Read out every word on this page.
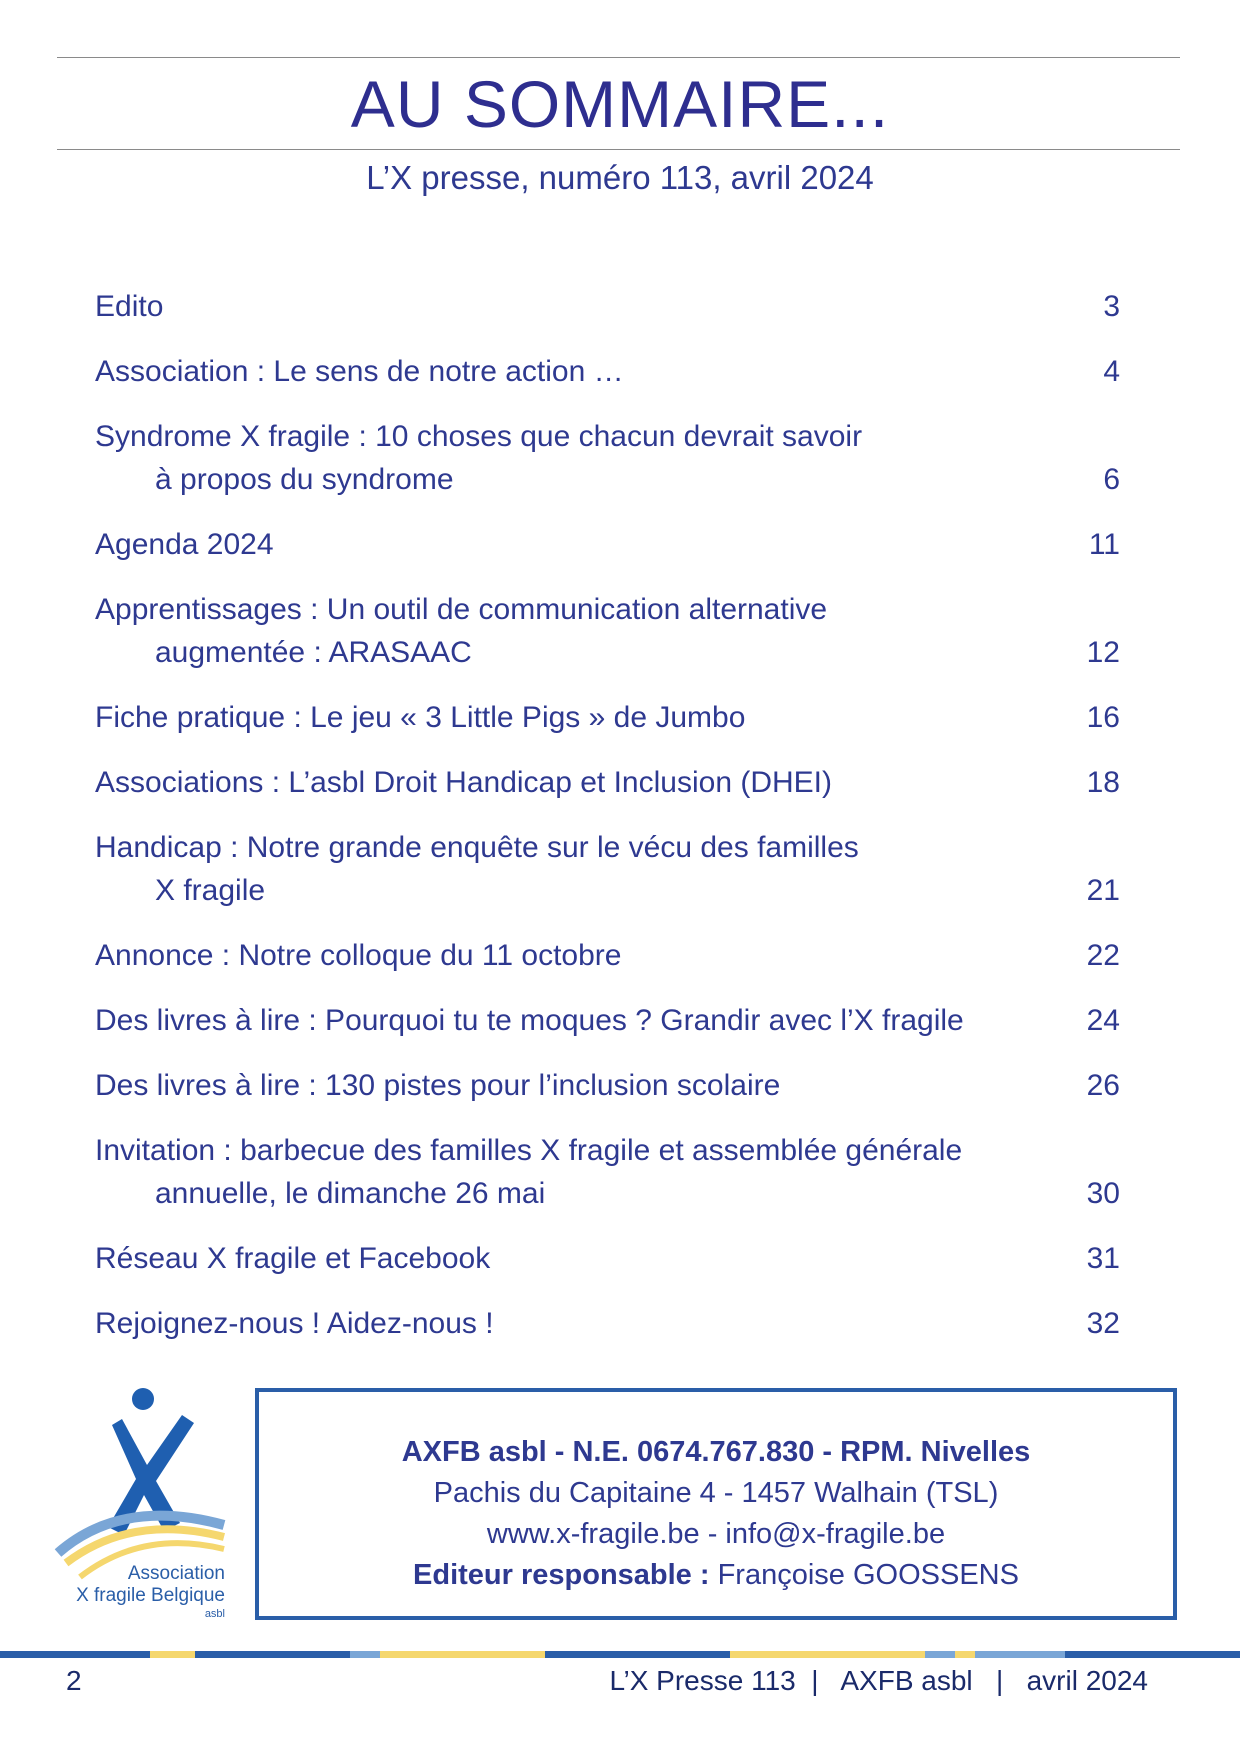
AU SOMMAIRE...
L’X presse, numéro 113, avril 2024
Edito	3
Association : Le sens de notre action …	4
Syndrome X fragile : 10 choses que chacun devrait savoir
à propos du syndrome	6
Agenda 2024	11
Apprentissages : Un outil de communication alternative
augmentée : ARASAAC	12
Fiche pratique : Le jeu « 3 Little Pigs » de Jumbo	16
Associations : L’asbl Droit Handicap et Inclusion (DHEI)	18
Handicap : Notre grande enquête sur le vécu des familles
X fragile	21
Annonce : Notre colloque du 11 octobre	22
Des livres à lire : Pourquoi tu te moques ? Grandir avec l’X fragile	24
Des livres à lire : 130 pistes pour l’inclusion scolaire	26
Invitation : barbecue des familles X fragile et assemblée générale
annuelle, le dimanche 26 mai	30
Réseau X fragile et Facebook	31
Rejoignez-nous ! Aidez-nous !	32
Association
X fragile Belgique
asbl
AXFB asbl - N.E. 0674.767.830 - RPM. Nivelles
Pachis du Capitaine 4 - 1457 Walhain (TSL)
www.x-fragile.be - info@x-fragile.be
Editeur responsable : Françoise GOOSSENS
2	L’X Presse 113  |   AXFB asbl   |   avril 2024
